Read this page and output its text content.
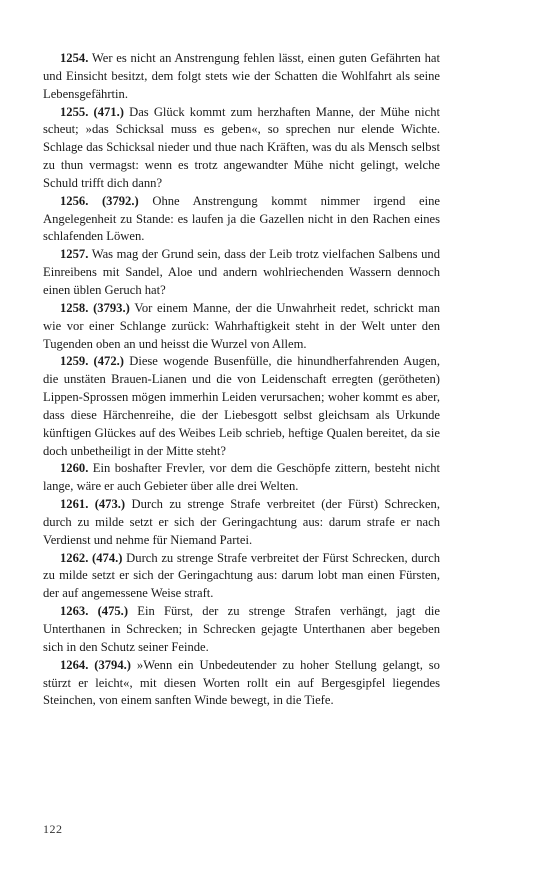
1254. Wer es nicht an Anstrengung fehlen lässt, einen guten Gefährten hat und Einsicht besitzt, dem folgt stets wie der Schatten die Wohlfahrt als seine Lebensgefährtin.

1255. (471.) Das Glück kommt zum herzhaften Manne, der Mühe nicht scheut; »das Schicksal muss es geben«, so sprechen nur elende Wichte. Schlage das Schicksal nieder und thue nach Kräften, was du als Mensch selbst zu thun vermagst: wenn es trotz angewandter Mühe nicht gelingt, welche Schuld trifft dich dann?

1256. (3792.) Ohne Anstrengung kommt nimmer irgend eine Angelegenheit zu Stande: es laufen ja die Gazellen nicht in den Rachen eines schlafenden Löwen.

1257. Was mag der Grund sein, dass der Leib trotz vielfachen Salbens und Einreibens mit Sandel, Aloe und andern wohlriechenden Wassern dennoch einen üblen Geruch hat?

1258. (3793.) Vor einem Manne, der die Unwahrheit redet, schrickt man wie vor einer Schlange zurück: Wahrhaftigkeit steht in der Welt unter den Tugenden oben an und heisst die Wurzel von Allem.

1259. (472.) Diese wogende Busenfülle, die hinundherfahrenden Augen, die unstäten Brauen-Lianen und die von Leidenschaft erregten (gerötheten) Lippen-Sprossen mögen immerhin Leiden verursachen; woher kommt es aber, dass diese Härchenreihe, die der Liebesgott selbst gleichsam als Urkunde künftigen Glückes auf des Weibes Leib schrieb, heftige Qualen bereitet, da sie doch unbetheiligt in der Mitte steht?

1260. Ein boshafter Frevler, vor dem die Geschöpfe zittern, besteht nicht lange, wäre er auch Gebieter über alle drei Welten.

1261. (473.) Durch zu strenge Strafe verbreitet (der Fürst) Schrecken, durch zu milde setzt er sich der Geringachtung aus: darum strafe er nach Verdienst und nehme für Niemand Partei.

1262. (474.) Durch zu strenge Strafe verbreitet der Fürst Schrecken, durch zu milde setzt er sich der Geringachtung aus: darum lobt man einen Fürsten, der auf angemessene Weise straft.

1263. (475.) Ein Fürst, der zu strenge Strafen verhängt, jagt die Unterthanen in Schrecken; in Schrecken gejagte Unterthanen aber begeben sich in den Schutz seiner Feinde.

1264. (3794.) »Wenn ein Unbedeutender zu hoher Stellung gelangt, so stürzt er leicht«, mit diesen Worten rollt ein auf Bergesgipfel liegendes Steinchen, von einem sanften Winde bewegt, in die Tiefe.

122
